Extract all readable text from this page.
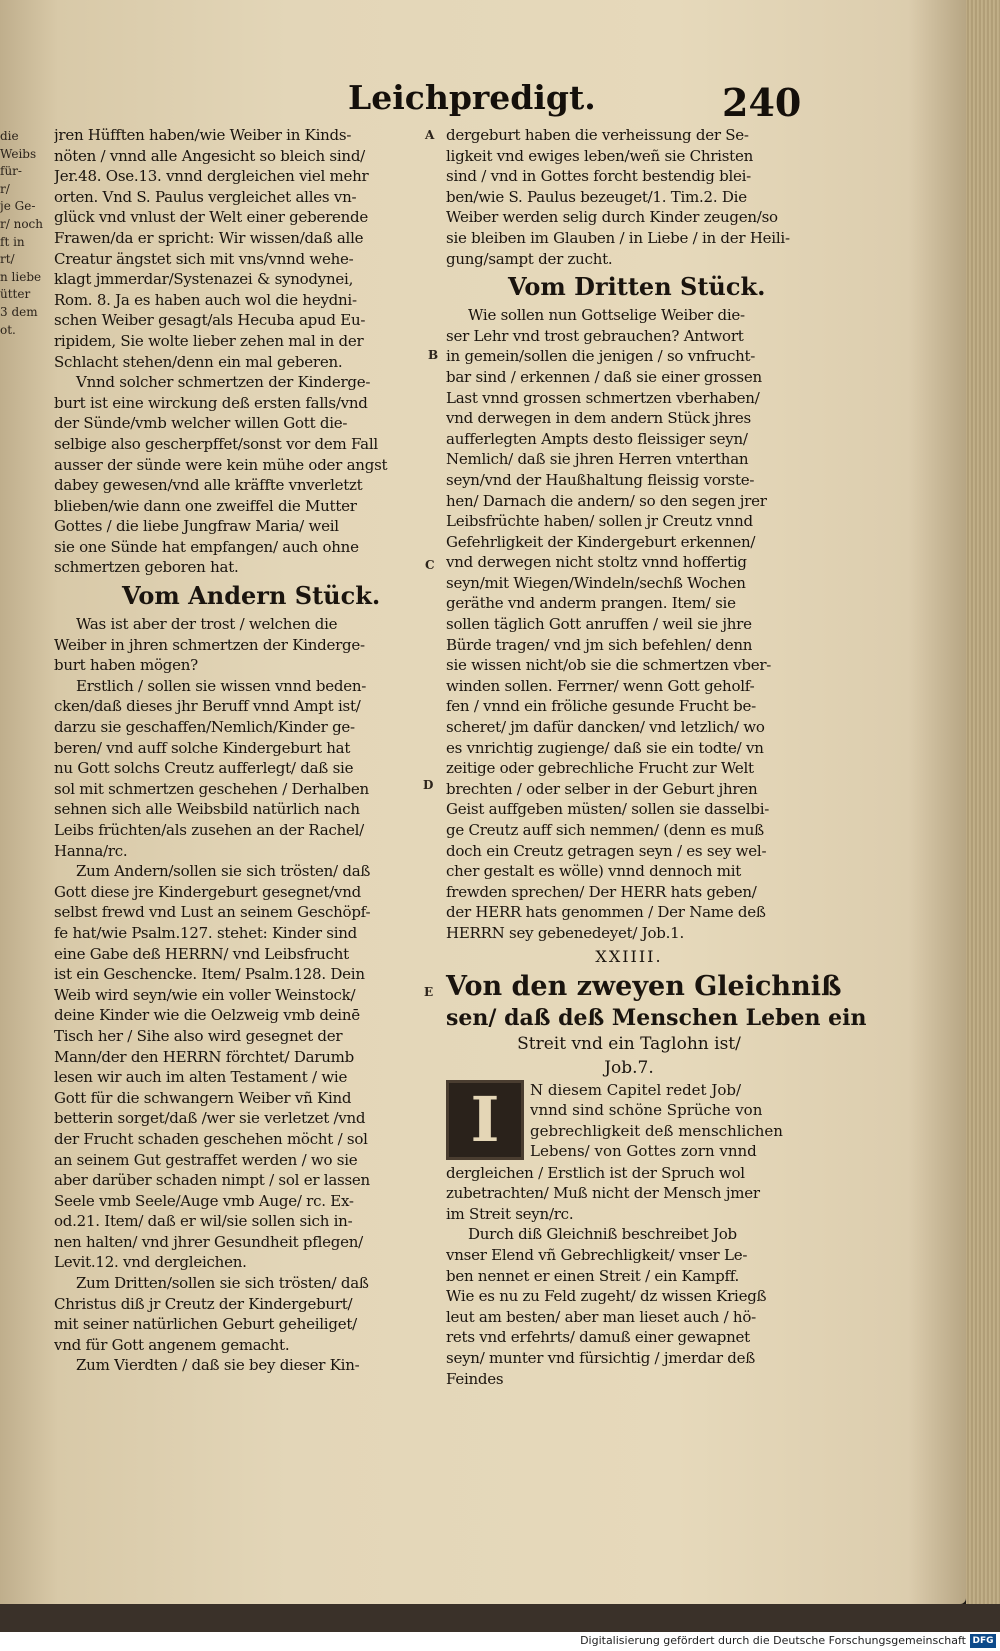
die
Weibs
für-
r/
je Ge-
r/ noch
ft in
rt/
n liebe
ütter
3 dem
ot.
Leichpredigt.	240
A
B
C
D
E
jren Hüfften haben/wie Weiber in Kinds-
nöten / vnnd alle Angesicht so bleich sind/
Jer.48. Ose.13. vnnd dergleichen viel mehr
orten. Vnd S. Paulus vergleichet alles vn-
glück vnd vnlust der Welt einer geberende
Frawen/da er spricht: Wir wissen/daß alle
Creatur ängstet sich mit vns/vnnd wehe-
klagt jmmerdar/Systenazei & synodynei,
Rom. 8. Ja es haben auch wol die heydni-
schen Weiber gesagt/als Hecuba apud Eu-
ripidem, Sie wolte lieber zehen mal in der
Schlacht stehen/denn ein mal geberen.
Vnnd solcher schmertzen der Kinderge-
burt ist eine wirckung deß ersten falls/vnd
der Sünde/vmb welcher willen Gott die-
selbige also gescherpffet/sonst vor dem Fall
ausser der sünde were kein mühe oder angst
dabey gewesen/vnd alle kräffte vnverletzt
blieben/wie dann one zweiffel die Mutter
Gottes / die liebe Jungfraw Maria/ weil
sie one Sünde hat empfangen/ auch ohne
schmertzen geboren hat.
Vom Andern Stück.
Was ist aber der trost / welchen die
Weiber in jhren schmertzen der Kinderge-
burt haben mögen?
Erstlich / sollen sie wissen vnnd beden-
cken/daß dieses jhr Beruff vnnd Ampt ist/
darzu sie geschaffen/Nemlich/Kinder ge-
beren/ vnd auff solche Kindergeburt hat
nu Gott solchs Creutz aufferlegt/ daß sie
sol mit schmertzen geschehen / Derhalben
sehnen sich alle Weibsbild natürlich nach
Leibs früchten/als zusehen an der Rachel/
Hanna/rc.
Zum Andern/sollen sie sich trösten/ daß
Gott diese jre Kindergeburt gesegnet/vnd
selbst frewd vnd Lust an seinem Geschöpf-
fe hat/wie Psalm.127. stehet: Kinder sind
eine Gabe deß HERRN/ vnd Leibsfrucht
ist ein Geschencke. Item/ Psalm.128. Dein
Weib wird seyn/wie ein voller Weinstock/
deine Kinder wie die Oelzweig vmb deinē
Tisch her / Sihe also wird gesegnet der
Mann/der den HERRN förchtet/ Darumb
lesen wir auch im alten Testament / wie
Gott für die schwangern Weiber vñ Kind
betterin sorget/daß /wer sie verletzet /vnd
der Frucht schaden geschehen möcht / sol
an seinem Gut gestraffet werden / wo sie
aber darüber schaden nimpt / sol er lassen
Seele vmb Seele/Auge vmb Auge/ rc. Ex-
od.21. Item/ daß er wil/sie sollen sich in-
nen halten/ vnd jhrer Gesundheit pflegen/
Levit.12. vnd dergleichen.
Zum Dritten/sollen sie sich trösten/ daß
Christus diß jr Creutz der Kindergeburt/
mit seiner natürlichen Geburt geheiliget/
vnd für Gott angenem gemacht.
Zum Vierdten / daß sie bey dieser Kin-
dergeburt haben die verheissung der Se-
ligkeit vnd ewiges leben/weñ sie Christen
sind / vnd in Gottes forcht bestendig blei-
ben/wie S. Paulus bezeuget/1. Tim.2. Die
Weiber werden selig durch Kinder zeugen/so
sie bleiben im Glauben / in Liebe / in der Heili-
gung/sampt der zucht.
Vom Dritten Stück.
Wie sollen nun Gottselige Weiber die-
ser Lehr vnd trost gebrauchen? Antwort
in gemein/sollen die jenigen / so vnfrucht-
bar sind / erkennen / daß sie einer grossen
Last vnnd grossen schmertzen vberhaben/
vnd derwegen in dem andern Stück jhres
aufferlegten Ampts desto fleissiger seyn/
Nemlich/ daß sie jhren Herren vnterthan
seyn/vnd der Haußhaltung fleissig vorste-
hen/ Darnach die andern/ so den segen jrer
Leibsfrüchte haben/ sollen jr Creutz vnnd
Gefehrligkeit der Kindergeburt erkennen/
vnd derwegen nicht stoltz vnnd hoffertig
seyn/mit Wiegen/Windeln/sechß Wochen
geräthe vnd anderm prangen. Item/ sie
sollen täglich Gott anruffen / weil sie jhre
Bürde tragen/ vnd jm sich befehlen/ denn
sie wissen nicht/ob sie die schmertzen vber-
winden sollen. Ferrner/ wenn Gott geholf-
fen / vnnd ein fröliche gesunde Frucht be-
scheret/ jm dafür dancken/ vnd letzlich/ wo
es vnrichtig zugienge/ daß sie ein todte/ vn
zeitige oder gebrechliche Frucht zur Welt
brechten / oder selber in der Geburt jhren
Geist auffgeben müsten/ sollen sie dasselbi-
ge Creutz auff sich nemmen/ (denn es muß
doch ein Creutz getragen seyn / es sey wel-
cher gestalt es wölle) vnnd dennoch mit
frewden sprechen/ Der HERR hats geben/
der HERR hats genommen / Der Name deß
HERRN sey gebenedeyet/ Job.1.
XXIIII.
Von den zweyen Gleichniß
sen/ daß deß Menschen Leben ein
Streit vnd ein Taglohn ist/
Job.7.
I	N diesem Capitel redet Job/
vnnd sind schöne Sprüche von
gebrechligkeit deß menschlichen
Lebens/ von Gottes zorn vnnd
dergleichen / Erstlich ist der Spruch wol
zubetrachten/ Muß nicht der Mensch jmer
im Streit seyn/rc.
Durch diß Gleichniß beschreibet Job
vnser Elend vñ Gebrechligkeit/ vnser Le-
ben nennet er einen Streit / ein Kampff.
Wie es nu zu Feld zugeht/ dz wissen Kriegß
leut am besten/ aber man lieset auch / hö-
rets vnd erfehrts/ damuß einer gewapnet
seyn/ munter vnd fürsichtig / jmerdar deß
Feindes
Digitalisierung gefördert durch die Deutsche Forschungsgemeinschaft DFG
